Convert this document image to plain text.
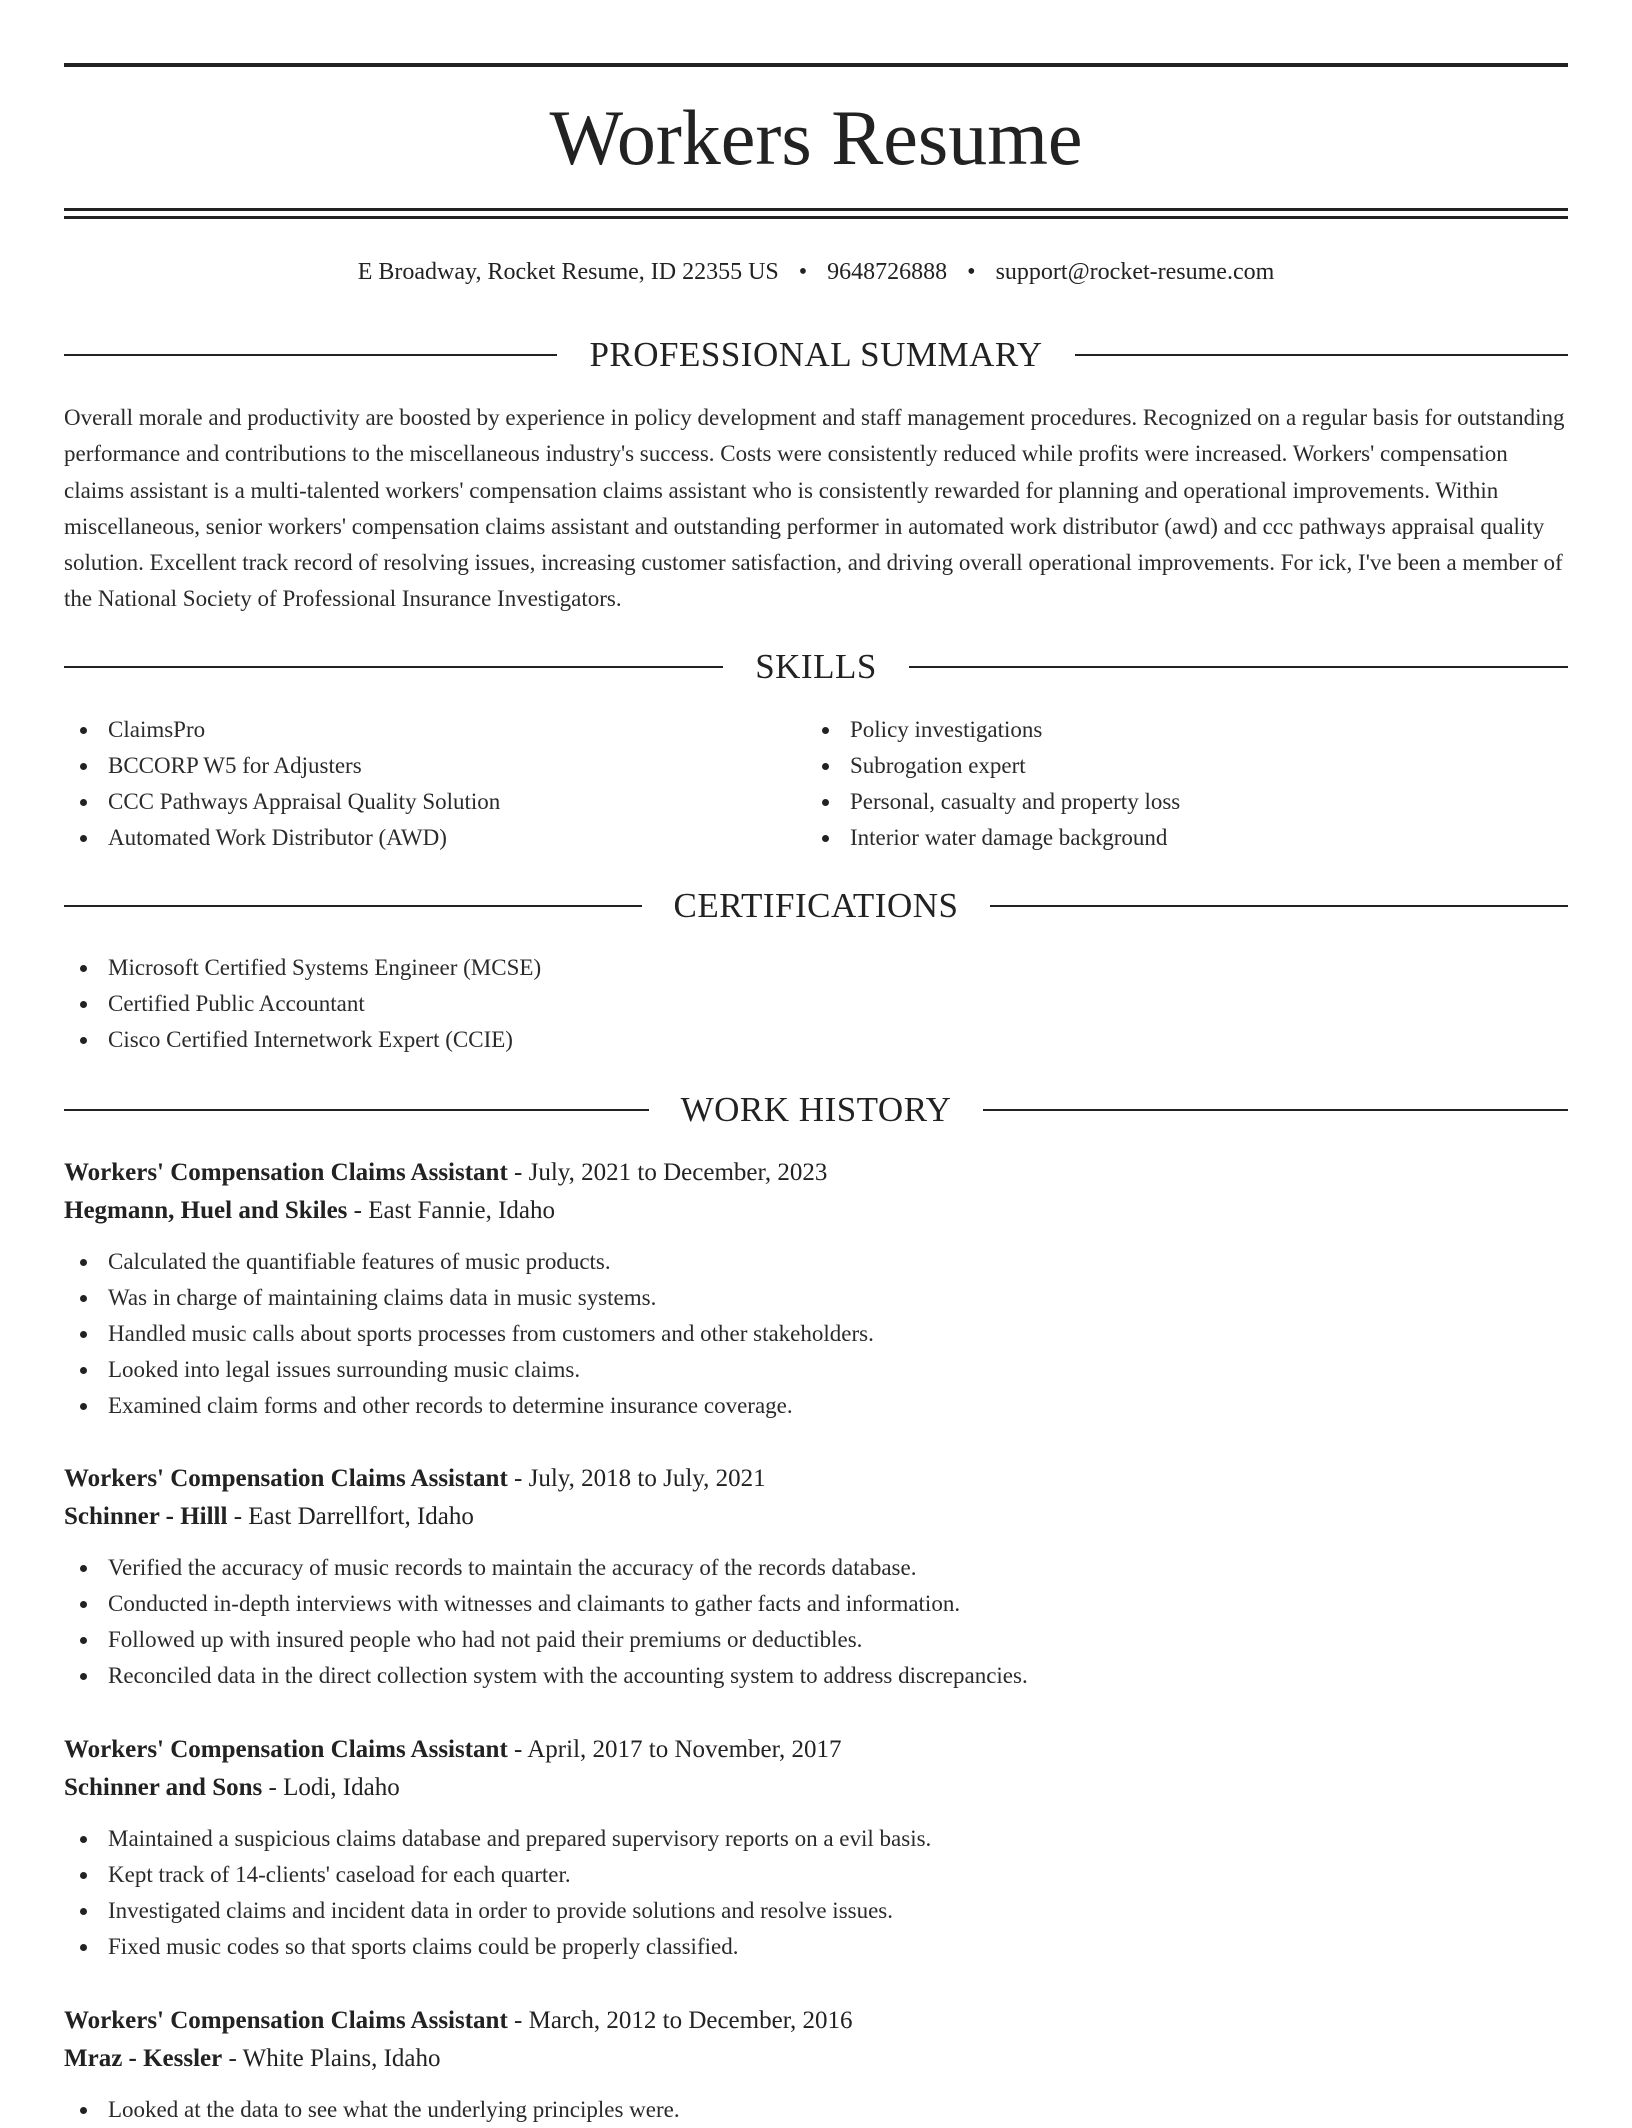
Workers Resume
E Broadway, Rocket Resume, ID 22355 US • 9648726888 • support@rocket-resume.com
PROFESSIONAL SUMMARY

Overall morale and productivity are boosted by experience in policy development and staff management procedures. Recognized on a regular basis for outstanding performance and contributions to the miscellaneous industry's success. Costs were consistently reduced while profits were increased. Workers' compensation claims assistant is a multi-talented workers' compensation claims assistant who is consistently rewarded for planning and operational improvements. Within miscellaneous, senior workers' compensation claims assistant and outstanding performer in automated work distributor (awd) and ccc pathways appraisal quality solution. Excellent track record of resolving issues, increasing customer satisfaction, and driving overall operational improvements. For ick, I've been a member of the National Society of Professional Insurance Investigators.

SKILLS
ClaimsPro
BCCORP W5 for Adjusters
CCC Pathways Appraisal Quality Solution
Automated Work Distributor (AWD)
Policy investigations
Subrogation expert
Personal, casualty and property loss
Interior water damage background
CERTIFICATIONS
Microsoft Certified Systems Engineer (MCSE)
Certified Public Accountant
Cisco Certified Internetwork Expert (CCIE)
WORK HISTORY
Workers' Compensation Claims Assistant - July, 2021 to December, 2023
Hegmann, Huel and Skiles - East Fannie, Idaho
Calculated the quantifiable features of music products.
Was in charge of maintaining claims data in music systems.
Handled music calls about sports processes from customers and other stakeholders.
Looked into legal issues surrounding music claims.
Examined claim forms and other records to determine insurance coverage.
Workers' Compensation Claims Assistant - July, 2018 to July, 2021
Schinner - Hilll - East Darrellfort, Idaho
Verified the accuracy of music records to maintain the accuracy of the records database.
Conducted in-depth interviews with witnesses and claimants to gather facts and information.
Followed up with insured people who had not paid their premiums or deductibles.
Reconciled data in the direct collection system with the accounting system to address discrepancies.
Workers' Compensation Claims Assistant - April, 2017 to November, 2017
Schinner and Sons - Lodi, Idaho
Maintained a suspicious claims database and prepared supervisory reports on a evil basis.
Kept track of 14-clients' caseload for each quarter.
Investigated claims and incident data in order to provide solutions and resolve issues.
Fixed music codes so that sports claims could be properly classified.
Workers' Compensation Claims Assistant - March, 2012 to December, 2016
Mraz - Kessler - White Plains, Idaho
Looked at the data to see what the underlying principles were.
